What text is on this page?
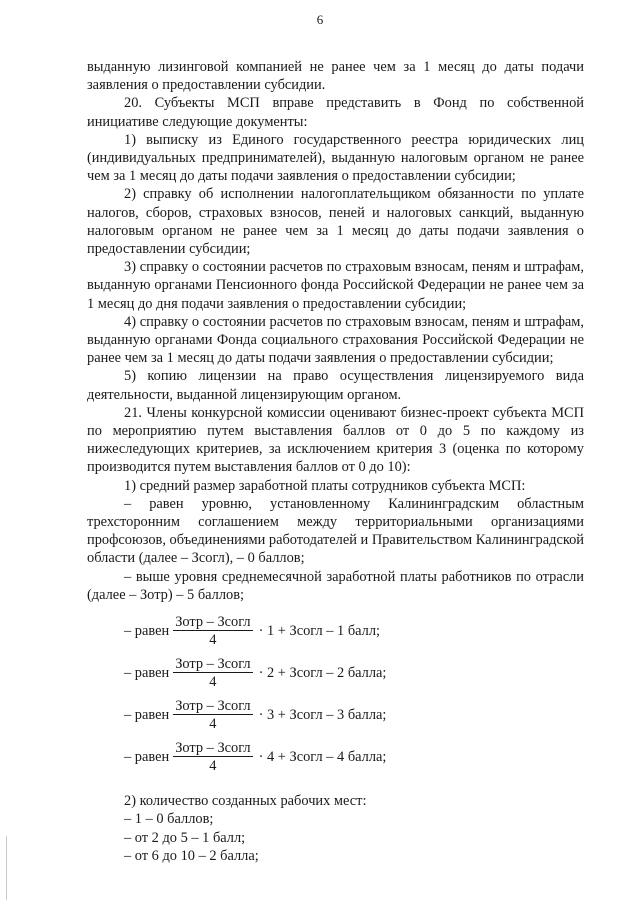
6

выданную лизинговой компанией не ранее чем за 1 месяц до даты подачи заявления о предоставлении субсидии.

20. Субъекты МСП вправе представить в Фонд по собственной инициативе следующие документы:

1) выписку из Единого государственного реестра юридических лиц (индивидуальных предпринимателей), выданную налоговым органом не ранее чем за 1 месяц до даты подачи заявления о предоставлении субсидии;

2) справку об исполнении налогоплательщиком обязанности по уплате налогов, сборов, страховых взносов, пеней и налоговых санкций, выданную налоговым органом не ранее чем за 1 месяц до даты подачи заявления о предоставлении субсидии;

3) справку о состоянии расчетов по страховым взносам, пеням и штрафам, выданную органами Пенсионного фонда Российской Федерации не ранее чем за 1 месяц до дня подачи заявления о предоставлении субсидии;

4) справку о состоянии расчетов по страховым взносам, пеням и штрафам, выданную органами Фонда социального страхования Российской Федерации не ранее чем за 1 месяц до даты подачи заявления о предоставлении субсидии;

5) копию лицензии на право осуществления лицензируемого вида деятельности, выданной лицензирующим органом.

21. Члены конкурсной комиссии оценивают бизнес-проект субъекта МСП по мероприятию путем выставления баллов от 0 до 5 по каждому из нижеследующих критериев, за исключением критерия 3 (оценка по которому производится путем выставления баллов от 0 до 10):

1) средний размер заработной платы сотрудников субъекта МСП:

– равен уровню, установленному Калининградским областным трехсторонним соглашением между территориальными организациями профсоюзов, объединениями работодателей и Правительством Калининградской области (далее – Зсогл), – 0 баллов;

– выше уровня среднемесячной заработной платы работников по отрасли (далее – Зотр) – 5 баллов;

– равен $\frac{\text{Зотр – Зсогл}}{4} \cdot 1$ + Зсогл – 1 балл;
– равен $\frac{\text{Зотр – Зсогл}}{4} \cdot 2$ + Зсогл – 2 балла;
– равен $\frac{\text{Зотр – Зсогл}}{4} \cdot 3$ + Зсогл – 3 балла;
– равен $\frac{\text{Зотр – Зсогл}}{4} \cdot 4$ + Зсогл – 4 балла;

2) количество созданных рабочих мест:

– 1 – 0 баллов;

– от 2 до 5 – 1 балл;

– от 6 до 10 – 2 балла;
